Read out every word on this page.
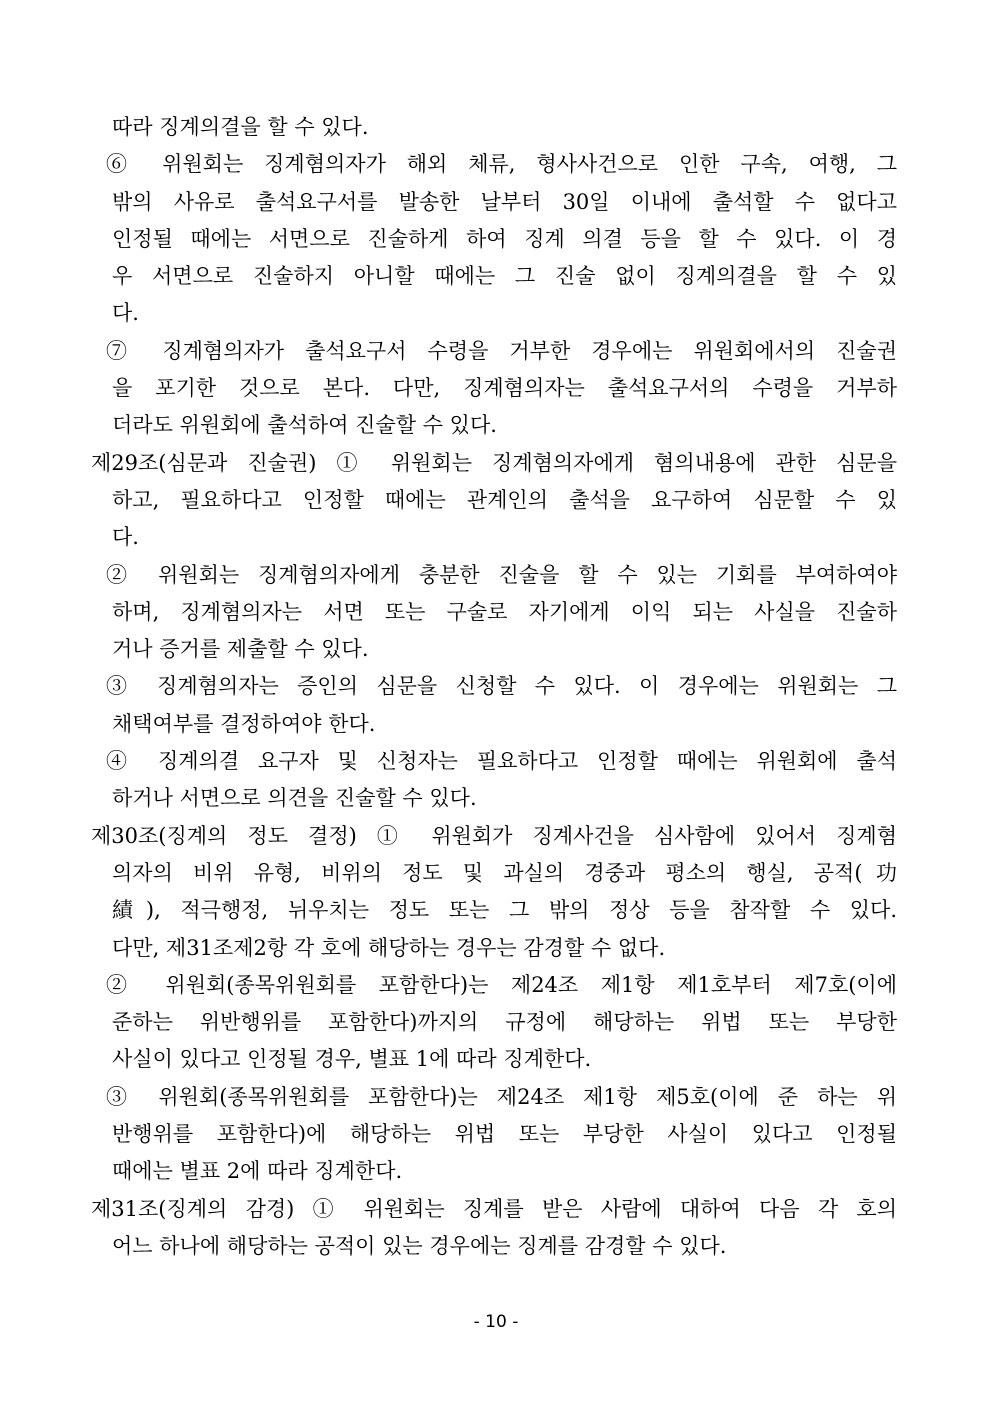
따라 징계의결을 할 수 있다.
⑥ 위원회는 징계혐의자가 해외 체류, 형사사건으로 인한 구속, 여행, 그
밖의 사유로 출석요구서를 발송한 날부터 30일 이내에 출석할 수 없다고
인정될 때에는 서면으로 진술하게 하여 징계 의결 등을 할 수 있다. 이 경
우 서면으로 진술하지 아니할 때에는 그 진술 없이 징계의결을 할 수 있
다.
⑦ 징계혐의자가 출석요구서 수령을 거부한 경우에는 위원회에서의 진술권
을 포기한 것으로 본다. 다만, 징계혐의자는 출석요구서의 수령을 거부하
더라도 위원회에 출석하여 진술할 수 있다.
제29조(심문과 진술권) ① 위원회는 징계혐의자에게 혐의내용에 관한 심문을
하고, 필요하다고 인정할 때에는 관계인의 출석을 요구하여 심문할 수 있
다.
② 위원회는 징계혐의자에게 충분한 진술을 할 수 있는 기회를 부여하여야
하며, 징계혐의자는 서면 또는 구술로 자기에게 이익 되는 사실을 진술하
거나 증거를 제출할 수 있다.
③ 징계혐의자는 증인의 심문을 신청할 수 있다. 이 경우에는 위원회는 그
채택여부를 결정하여야 한다.
④ 징계의결 요구자 및 신청자는 필요하다고 인정할 때에는 위원회에 출석
하거나 서면으로 의견을 진술할 수 있다.
제30조(징계의 정도 결정) ① 위원회가 징계사건을 심사함에 있어서 징계혐
의자의 비위 유형, 비위의 정도 및 과실의 경중과 평소의 행실, 공적(功
績), 적극행정, 뉘우치는 정도 또는 그 밖의 정상 등을 참작할 수 있다.
다만, 제31조제2항 각 호에 해당하는 경우는 감경할 수 없다.
② 위원회(종목위원회를 포함한다)는 제24조 제1항 제1호부터 제7호(이에
준하는 위반행위를 포함한다)까지의 규정에 해당하는 위법 또는 부당한
사실이 있다고 인정될 경우, 별표 1에 따라 징계한다.
③ 위원회(종목위원회를 포함한다)는 제24조 제1항 제5호(이에 준 하는 위
반행위를 포함한다)에 해당하는 위법 또는 부당한 사실이 있다고 인정될
때에는 별표 2에 따라 징계한다.
제31조(징계의 감경) ① 위원회는 징계를 받은 사람에 대하여 다음 각 호의
어느 하나에 해당하는 공적이 있는 경우에는 징계를 감경할 수 있다.
- 10 -
